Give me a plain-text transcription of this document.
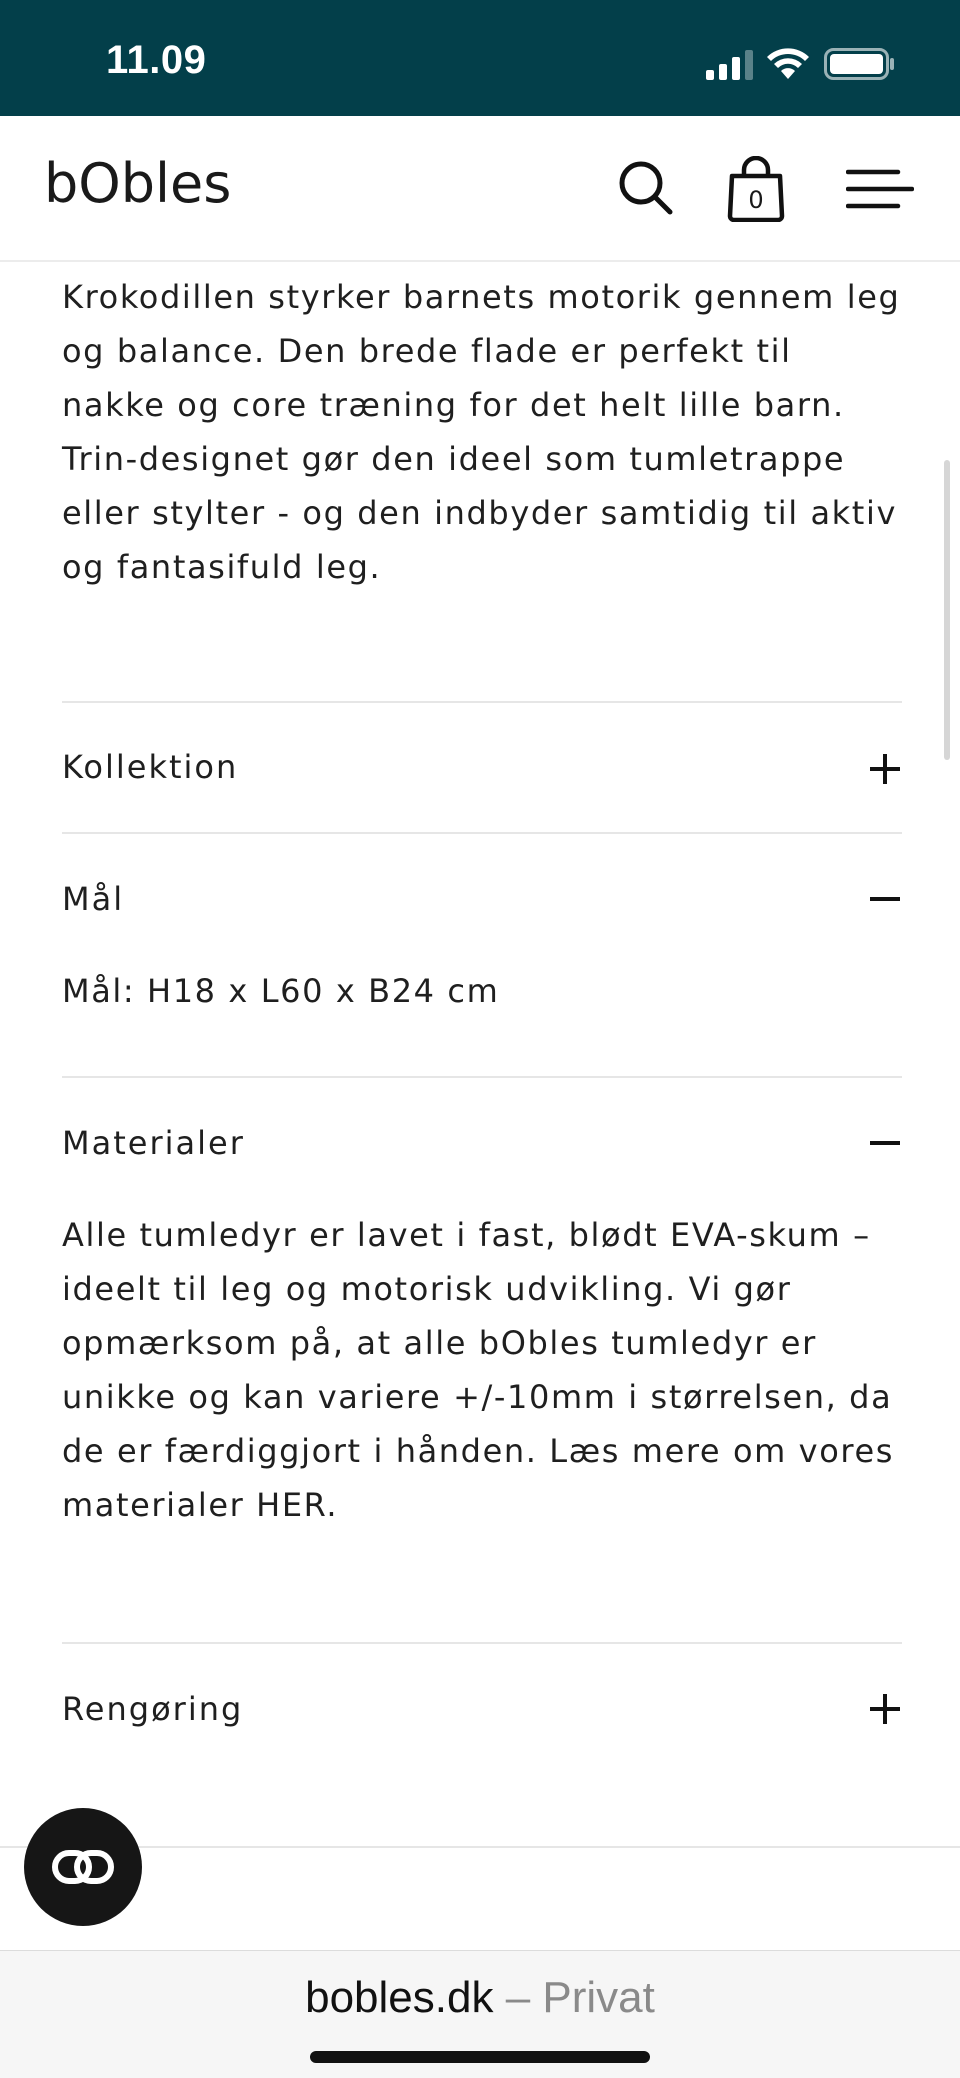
11.09
bObles	0

Krokodillen styrker barnets motorik gennem leg og balance. Den brede flade er perfekt til nakke og core træning for det helt lille barn. Trin-designet gør den ideel som tumletrappe eller stylter - og den indbyder samtidig til aktiv og fantasifuld leg.

Kollektion
Mål
Mål: H18 x L60 x B24 cm
Materialer
Alle tumledyr er lavet i fast, blødt EVA-skum – ideelt til leg og motorisk udvikling. Vi gør opmærksom på, at alle bObles tumledyr er unikke og kan variere +/-10mm i størrelsen, da de er færdiggjort i hånden. Læs mere om vores materialer HER.
Rengøring
bobles.dk – Privat
